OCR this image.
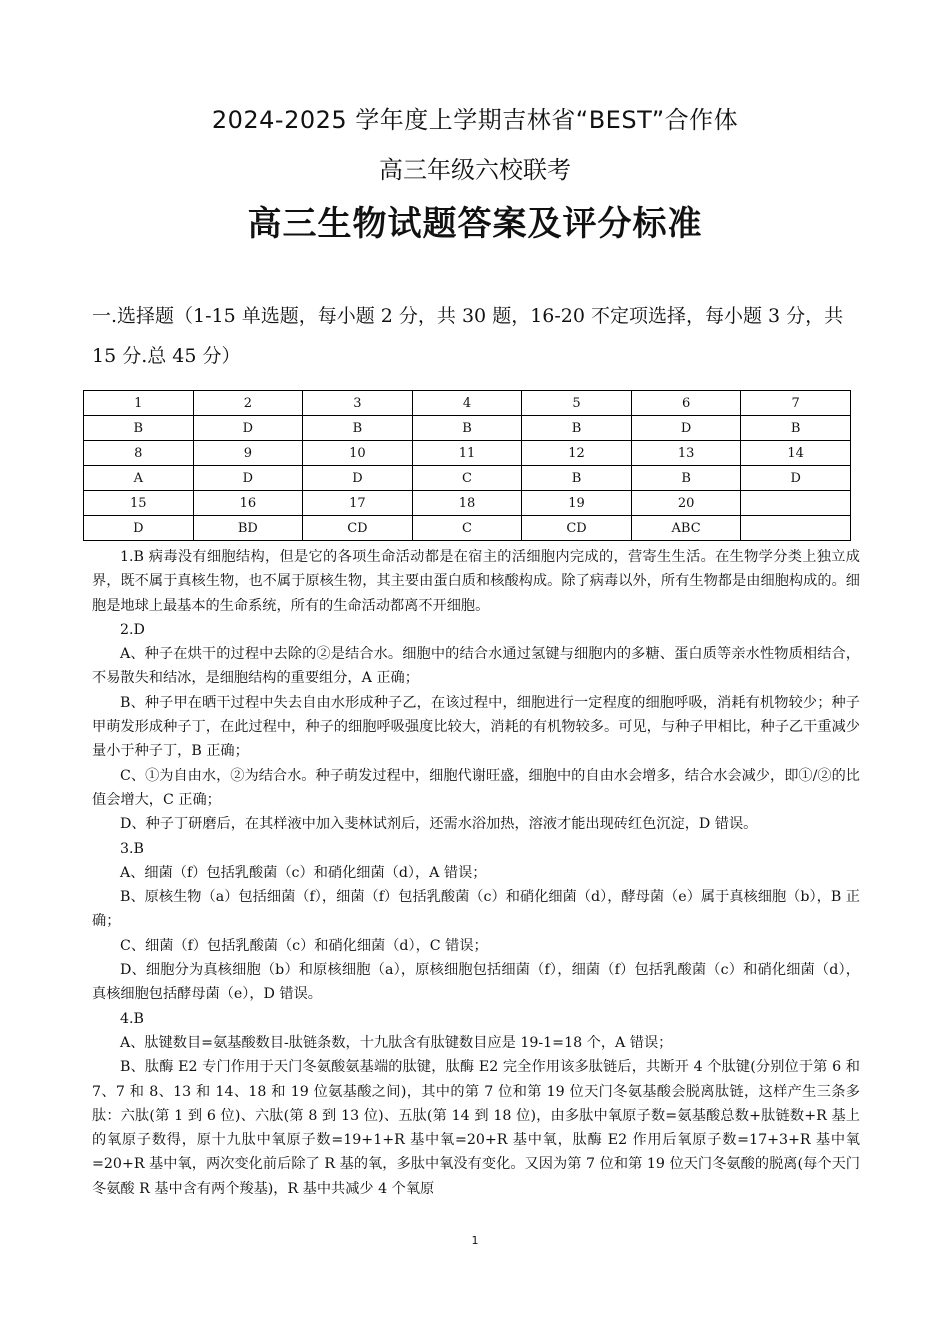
2024-2025 学年度上学期吉林省“BEST”合作体
高三年级六校联考
高三生物试题答案及评分标准
一.选择题（1-15 单选题，每小题 2 分，共 30 题，16-20 不定项选择，每小题 3 分，共 15 分.总 45 分）
1	2	3	4	5	6	7
B	D	B	B	B	D	B
8	9	10	11	12	13	14
A	D	D	C	B	B	D
15	16	17	18	19	20	
D	BD	CD	C	CD	ABC	

1.B 病毒没有细胞结构，但是它的各项生命活动都是在宿主的活细胞内完成的，营寄生生活。在生物学分类上独立成界，既不属于真核生物，也不属于原核生物，其主要由蛋白质和核酸构成。除了病毒以外，所有生物都是由细胞构成的。细胞是地球上最基本的生命系统，所有的生命活动都离不开细胞。

2.D

A、种子在烘干的过程中去除的②是结合水。细胞中的结合水通过氢键与细胞内的多糖、蛋白质等亲水性物质相结合，不易散失和结冰，是细胞结构的重要组分，A 正确；

B、种子甲在晒干过程中失去自由水形成种子乙，在该过程中，细胞进行一定程度的细胞呼吸，消耗有机物较少；种子甲萌发形成种子丁，在此过程中，种子的细胞呼吸强度比较大，消耗的有机物较多。可见，与种子甲相比，种子乙干重减少量小于种子丁，B 正确；

C、①为自由水，②为结合水。种子萌发过程中，细胞代谢旺盛，细胞中的自由水会增多，结合水会减少，即①/②的比值会增大，C 正确；

D、种子丁研磨后，在其样液中加入斐林试剂后，还需水浴加热，溶液才能出现砖红色沉淀，D 错误。

3.B

A、细菌（f）包括乳酸菌（c）和硝化细菌（d），A 错误；

B、原核生物（a）包括细菌（f），细菌（f）包括乳酸菌（c）和硝化细菌（d），酵母菌（e）属于真核细胞（b），B 正确；

C、细菌（f）包括乳酸菌（c）和硝化细菌（d），C 错误；

D、细胞分为真核细胞（b）和原核细胞（a），原核细胞包括细菌（f），细菌（f）包括乳酸菌（c）和硝化细菌（d），真核细胞包括酵母菌（e），D 错误。

4.B

A、肽键数目=氨基酸数目-肽链条数，十九肽含有肽键数目应是 19-1=18 个，A 错误；

B、肽酶 E2 专门作用于天门冬氨酸氨基端的肽键，肽酶 E2 完全作用该多肽链后，共断开 4 个肽键(分别位于第 6 和 7、7 和 8、13 和 14、18 和 19 位氨基酸之间)，其中的第 7 位和第 19 位天门冬氨基酸会脱离肽链，这样产生三条多肽：六肽(第 1 到 6 位)、六肽(第 8 到 13 位)、五肽(第 14 到 18 位)，由多肽中氧原子数=氨基酸总数+肽链数+R 基上的氧原子数得，原十九肽中氧原子数=19+1+R 基中氧=20+R 基中氧，肽酶 E2 作用后氧原子数=17+3+R 基中氧=20+R 基中氧，两次变化前后除了 R 基的氧，多肽中氧没有变化。又因为第 7 位和第 19 位天门冬氨酸的脱离(每个天门冬氨酸 R 基中含有两个羧基)，R 基中共减少 4 个氧原

1
